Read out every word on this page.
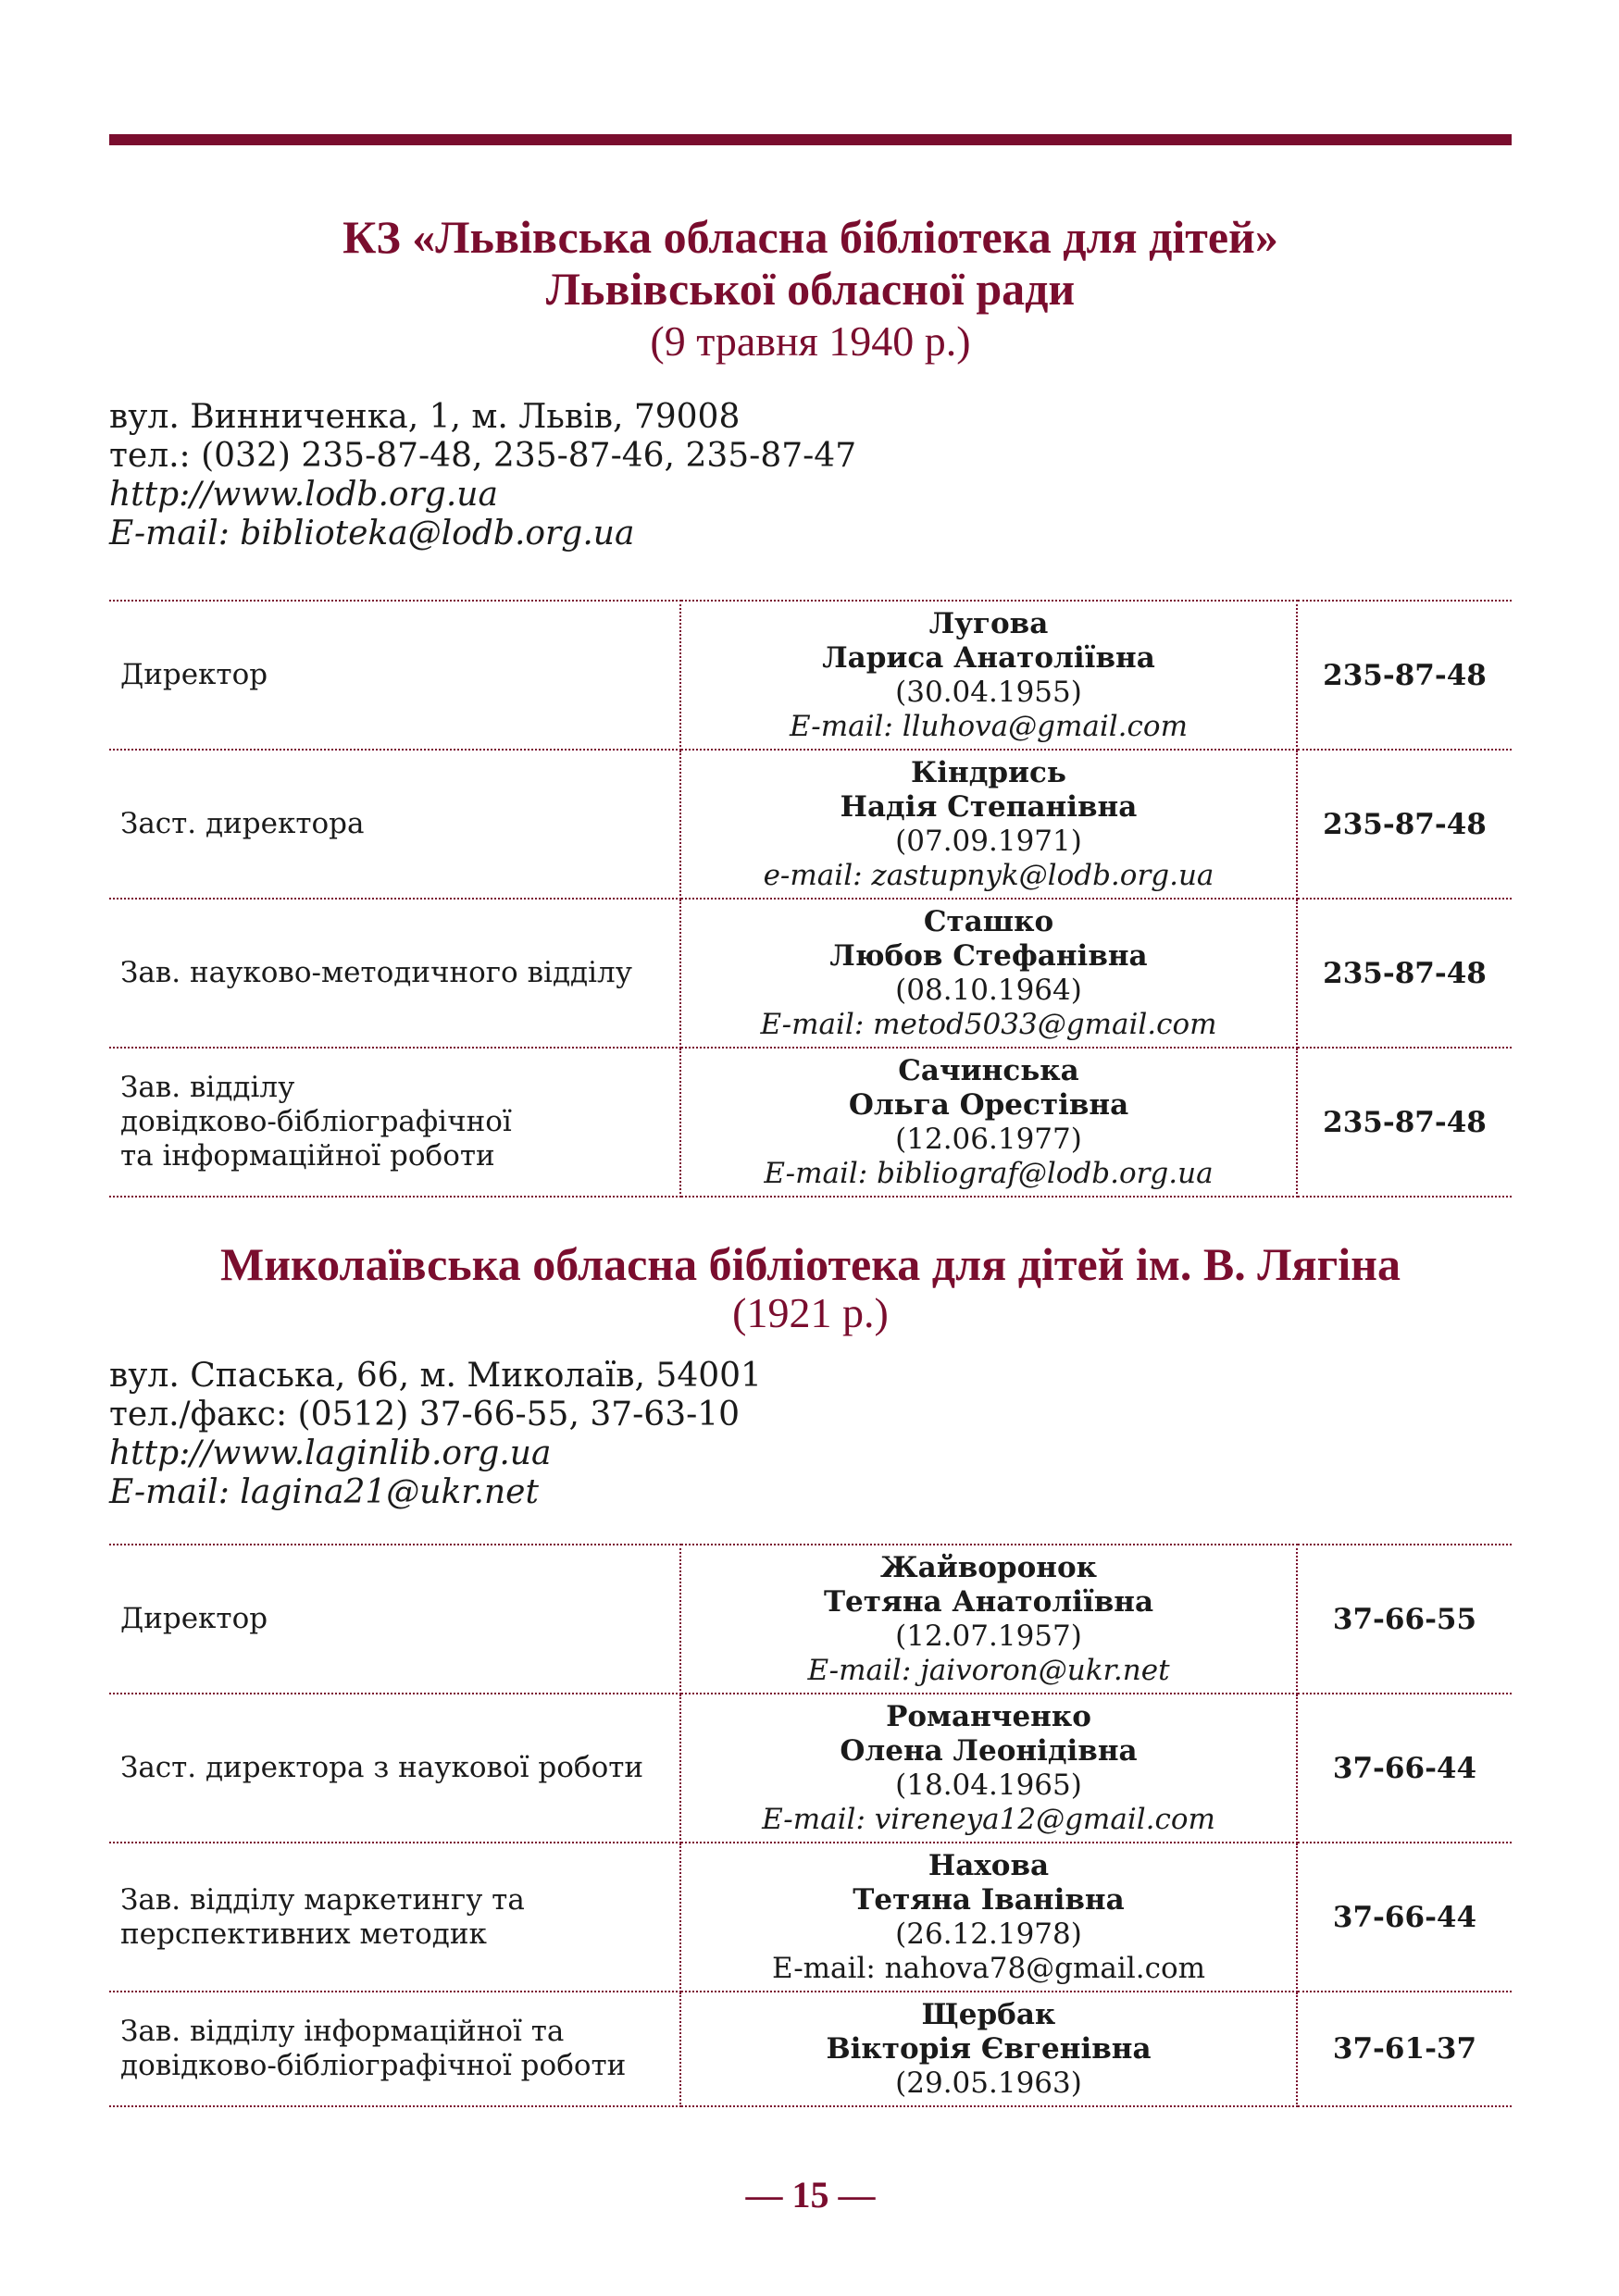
КЗ «Львівська обласна бібліотека для дітей»
Львівської обласної ради
(9 травня 1940 р.)
вул. Винниченка, 1, м. Львів, 79008
тел.: (032) 235-87-48, 235-87-46, 235-87-47
http://www.lodb.org.ua
E-mail: biblioteka@lodb.org.ua
Директор	Лугова
Лариса Анатоліївна
(30.04.1955)
E-mail: lluhova@gmail.com	235-87-48

Заст. директора	Кіндрись
Надія Степанівна
(07.09.1971)
e-mail: zastupnyk@lodb.org.ua	235-87-48

Зав. науково-методичного відділу	Сташко
Любов Стефанівна
(08.10.1964)
E-mail: metod5033@gmail.com	235-87-48

Зав. відділу
довідково-бібліографічної
та інформаційної роботи	Сачинська
Ольга Орестівна
(12.06.1977)
E-mail: bibliograf@lodb.org.ua	235-87-48
Миколаївська обласна бібліотека для дітей ім. В. Лягіна
(1921 р.)
вул. Спаська, 66, м. Миколаїв, 54001
тел./факс: (0512) 37-66-55, 37-63-10
http://www.laginlib.org.ua
E-mail: lagina21@ukr.net
Директор	Жайворонок
Тетяна Анатоліївна
(12.07.1957)
E-mail: jaivoron@ukr.net	37-66-55

Заст. директора з наукової роботи	Романченко
Олена Леонідівна
(18.04.1965)
E-mail: vireneya12@gmail.com	37-66-44

Зав. відділу маркетингу та
перспективних методик	Нахова
Тетяна Іванівна
(26.12.1978)
E-mail: nahova78@gmail.com	37-66-44

Зав. відділу інформаційної та
довідково-бібліографічної роботи	Щербак
Вікторія Євгенівна
(29.05.1963)	37-61-37
— 15 —
